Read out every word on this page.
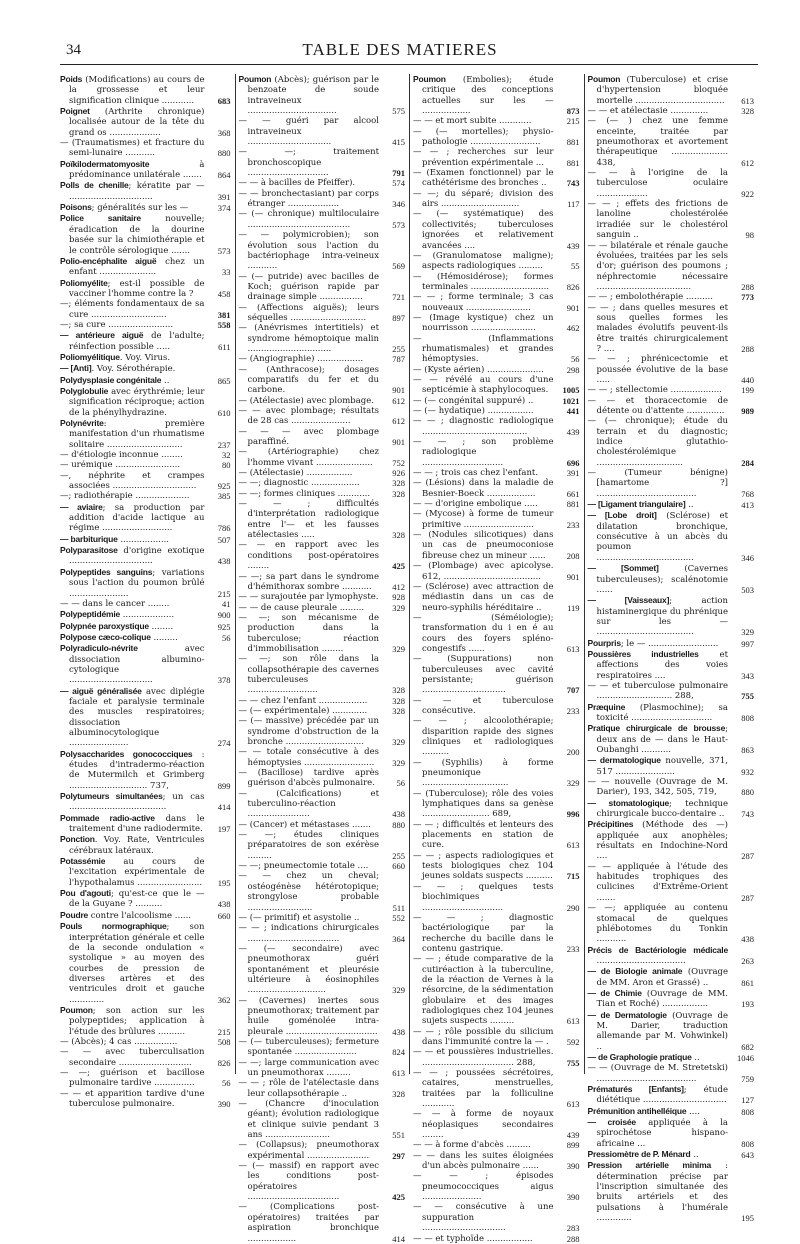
34	TABLE DES MATIERES
Poids (Modifications) au cours de la grossesse et leur signification clinique ............	683
Poignet (Arthrite chronique) localisée autour de la tête du grand os ...................	368
— (Traumatismes) et fracture du semi-lunaire ...........	880
Poïkilodermatomyosite à prédominance unilatérale .......	864
Polls de chenille; kératite par — ...............................	391
Poisons; généralités sur les —	374
Police sanitaire nouvelle; éradication de la dourine basée sur la chimiothérapie et le contrôle sérologique .......	573
Polio-encéphalite aiguë chez un enfant .....................	33
Poliomyélite; est-il possible de vacciner l'homme contre la ?	458
—; éléments fondamentaux de sa cure ............................	381
—; sa cure ........................	558
— antérieure aiguë de l'adulte; réinfection possible .....	611
Poliomyélitique. Voy. Virus.
— [Anti]. Voy. Sérothérapie.
Polydysplasie congénitale ..	865
Polyglobulie avec érythrémie; leur signification réciproque; action de la phénylhydrazine.	610
Polynévrite: première manifestation d'un rhumatisme solitaire ............................	237
— d'étiologie inconnue ........	32
— urémique ........................	80
—, néphrite et crampes associées ...............................	925
—; radiothérapie ....................	385
— aviaire; sa production par addition d'acide lactique au régime ..........................	786
— barbiturique ..................	507
Polyparasitose d'origine exotique ...............................	438
Polypeptides sanguins; variations sous l'action du poumon brûlé ......................	215
— — dans le cancer ........	41
Polypeptidémie ...................	900
Polypnée paroxystique ........	925
Polypose cæco-colique .........	56
Polyradiculo-névrite avec dissociation albumino-cytologique ...............................	378
— aiguë généralisée avec diplégie faciale et paralysie terminale des muscles respiratoires; dissociation albuminocytologique ......................	274
Polysaccharides gonococciques : études d'intradermo-réaction de Mutermilch et Grimberg ............................. 737,	899
Polytumeurs simultanées; un cas ....................................	414
Pommade radio-active dans le traitement d'une radiodermite.	197
Ponction. Voy. Rate, Ventricules cérébraux latéraux.
Potassémie au cours de l'excitation expérimentale de l'hypothalamus ........................	195
Pou d'agouti; qu'est-ce que le — de la Guyane ? ..........	438
Poudre contre l'alcoolisme ......	660
Pouls normographique; son interprétation générale et celle de la seconde ondulation « systolique » au moyen des courbes de pression de diverses artères et des ventricules droit et gauche .............	362
Poumon; son action sur les polypeptides; application à l'étude des brûlures ..........	215
— (Abcès); 4 cas ................	508
— — avec tuberculisation secondaire ...........................	826
— —; guérison et bacillose pulmonaire tardive ...............	56
— — et apparition tardive d'une tuberculose pulmonaire.	390
Poumon (Abcès); guérison par le benzoate de soude intraveineux .................................	575
— — guéri par alcool intraveineux ...............................	415
— —; traitement bronchoscopique ..............................	791
— — à bacilles de Pfeiffer).	574
— — bronchectasiant) par corps étranger ...................	346
— (— chronique) multiloculaire ......................................	573
— — polymicrobien); son évolution sous l'action du bactériophage intra-veineux ...........	569
— (— putride) avec bacilles de Koch; guérison rapide par drainage simple ................	721
— (Affections aiguës); leurs séquelles ............................	897
— (Anévrismes intertitiels) et syndrome hémoptoique malin ...............................	255
— (Angiographie) .................	787
— (Anthracose); dosages comparatifs du fer et du carbone.	901
— (Atélectasie) avec plombage.	612
— — avec plombage; résultats de 28 cas ......................	612
— — — avec plombage paraffiné.	901
— (Artériographie) chez l'homme vivant .....................	752
— (Atélectasie) .................	926
— —; diagnostic ..................	328
— —; formes cliniques ............	328
— — ; difficultés d'interprétation radiologique entre l'— et les fausses atélectasies .....	328
— — en rapport avec les conditions post-opératoires ........	425
— —; sa part dans le syndrome d'hémithorax sombre ...........	412
— — surajoutée par lymophyste.	928
— — de cause pleurale .........	329
— —; son mécanisme de production dans la tuberculose; réaction d'immobilisation ........	329
— —; son rôle dans la collapsothérapie des cavernes tuberculeuses ..........................	328
— — chez l'enfant ..................	328
— (— expérimentale) .............	328
— (— massive) précédée par un syndrome d'obstruction de la bronche .............................	329
— — totale consécutive à des hémoptysies ..........................	329
— (Bacillose) tardive après guérison d'abcès pulmonaire.	56
— (Calcifications) et tuberculino-réaction .......................	438
— (Cancer) et métastases .......	880
— —; études cliniques préparatoires de son exérèse .........	255
— —; pneumectomie totale ....	660
— — chez un cheval; ostéogénèse hétérotopique; strongylose probable ........................	511
— (— primitif) et asystolie ..	552
— — ; indications chirurgicales ..................................	364
— (— secondaire) avec pneumothorax guéri spontanément et pleurésie ultérieure à éosinophiles .............................	329
— (Cavernes) inertes sous pneumothorax; traitement par huile goménolée intra-pleurale ..................................	438
— (— tuberculeuses); fermeture spontanée .......................	824
— —; large communication avec un pneumothorax .........	613
— — ; rôle de l'atélectasie dans leur collapsothérapie ..	328
— (Chancre d'inoculation géant); évolution radiologique et clinique suivie pendant 3 ans ........................	551
— (Collapsus); pneumothorax expérimental .......................	297
— (— massif) en rapport avec les conditions post-opératoires ..................................	425
— (Complications post-opératoires) traitées par aspiration bronchique ..................	414
Poumon (Embolies); étude critique des conceptions actuelles sur les — ..................	873
— — et mort subite ............	215
— (— mortelles); physio-pathologie ..........................	881
— — ; recherches sur leur prévention expérimentale ...	881
— (Examen fonctionnel) par le cathétérisme des bronches ..	743
— —; du séparé; division des airs .............................	117
— (— systématique) des collectivités; tuberculoses ignorées et relativement avancées ....	439
— (Granulomatose maligne); aspects radiologiques .........	55
— (Hémosidérose); formes terminales .............................	826
— — ; forme terminale; 3 cas nouveaux ........................	901
— (Image kystique) chez un nourrisson ........................	462
— (Inflammations rhumatismales) et grandes hémoptysies.	56
— (Kyste aérien) .....................	298
— — révélé au cours d'une septicémie à staphylocoques.	1005
— (— congénital suppuré) ..	1021
— (— hydatique) .................	441
— — ; diagnostic radiologique .......................................	439
— — ; son problème radiologique ..............................	696
— — ; trois cas chez l'enfant.	391
— (Lésions) dans la maladie de Besnier-Boeck ..................	661
— — d'origine embolique .....	881
— (Mycose) à forme de tumeur primitive ..........................	233
— (Nodules silicotiques) dans un cas de pneumoconiose fibreuse chez un mineur ......	208
— (Plombage) avec apicolyse. 612, ....................................	901
— (Sclérose) avec attraction de médiastin dans un cas de neuro-syphilis héréditaire ..	119
— (Séméiologie); transformation du i en é au cours des foyers spléno-congestifs ......	613
— (Suppurations) non tuberculeuses avec cavité persistante; guérison ...............................	707
— — et tuberculose consécutive.	233
— — ; alcoolothérapie; disparition rapide des signes cliniques et radiologiques ..........	200
— (Syphilis) à forme pneumonique ................................	329
— (Tuberculose); rôle des voies lymphatiques dans sa genèse ......................... 689,	996
— — ; difficultés et lenteurs des placements en station de cure.	613
— — ; aspects radiologiques et tests biologiques chez 104 jeunes soldats suspects ..........	715
— — ; quelques tests biochimiques ..............................	290
— — ; diagnostic bactériologique par la recherche du bacille dans le contenu gastrique.	233
— — ; étude comparative de la cutiréaction à la tuberculine, de la réaction de Vernes à la résorcine, de la sédimentation globulaire et des images radiologiques chez 104 jeunes sujets suspects .........	613
— — ; rôle possible du silicium dans l'immunité contre la — .	592
— — et poussières industrielles. .................................. 288,	755
— — ; poussées sécrétoires, cataires, menstruelles, traitées par la folliculine ............	613
— — à forme de noyaux néoplasiques secondaires ........	439
— — à forme d'abcès .........	899
— — dans les suites éloignées d'un abcès pulmonaire ......	390
— — ; épisodes pneumococciques aigus ......................	390
— — consécutive à une suppuration ...............................	283
— — et typhoïde .................	288
Poumon (Tuberculose) et crise d'hypertension bloquée mortelle .................................	613
— — et atélectasie ..............	328
— (— ) chez une femme enceinte, traitée par pneumothorax et avortement thérapeutique ..................... 438,	612
— — à l'origine de la tuberculose oculaire ...................	922
— — ; effets des frictions de lanoline cholestérolée irradiée sur le cholestérol sanguin ..	98
— — bilatérale et rénale gauche évoluées, traitées par les sels d'or; guérison des poumons ; néphrectomie nécessaire ...................................	288
— — ; embolothérapie ..........	773
— — ; dans quelles mesures et sous quelles formes les malades évolutifs peuvent-ils être traités chirurgicalement ? ....	288
— — ; phrénicectomie et poussée évolutive de la base .....	440
— — ; stellectomie ...................	199
— — et thoracectomie de détente ou d'attente ..............	989
— (— chronique); étude du terrain et du diagnostic; indice glutathio-cholestérolémique ................................	284
— (Tumeur bénigne) [hamartome ?] .....................................	768
— [Ligament triangulaire] ..	413
— [Lobe droit] (Sclérose) et dilatation bronchique, consécutive à un abcès du poumon ....................................	346
— [Sommet] (Cavernes tuberculeuses); scalénotomie ......	503
— [Vaisseaux]; action histaminergique du phrénique sur les — ....................................	329
Pourpris; le — ..........................	997
Poussières industrielles et affections des voies respiratoires ....	343
— — et tuberculose pulmonaire ............................ 288,	755
Præquine (Plasmochine); sa toxicité ..............................	808
Pratique chirurgicale de brousse; deux ans de — dans le Haut-Oubanghi ...........	863
— dermatologique nouvelle, 371, 517 ......................	932
— — nouvelle (Ouvrage de M. Darier), 193, 342, 505, 719,	880
— stomatologique; technique chirurgicale bucco-dentaire ..	743
Précipitines (Méthode des —) appliquée aux anophèles; résultats en Indochine-Nord ....	287
— — appliquée à l'étude des habitudes trophiques des culicines d'Extrême-Orient .......	287
— —; appliquée au contenu stomacal de quelques phlébotomes du Tonkin ...........	438
Précis de Bactériologie médicale .................................	263
— de Biologie animale (Ouvrage de MM. Aron et Grassé) ..	861
— de Chimie (Ouvrage de MM. Tian et Roché) .................	193
— de Dermatologie (Ouvrage de M. Darier, traduction allemande par M. Vohwinkel) ..	682
— de Graphologie pratique ..	1046
— — (Ouvrage de M. Stretetski) .....................................	759
Prématurés [Enfants]; étude diététique ...............................	127
Prémunition antihelléique ....	808
— croisée appliquée à la spirochétose hispano-africaine ...	808
Pressiomètre de P. Ménard ..	643
Pression artérielle minima : détermination précise par l'inscription simultanée des bruits artériels et des pulsations à l'humérale .............	195
